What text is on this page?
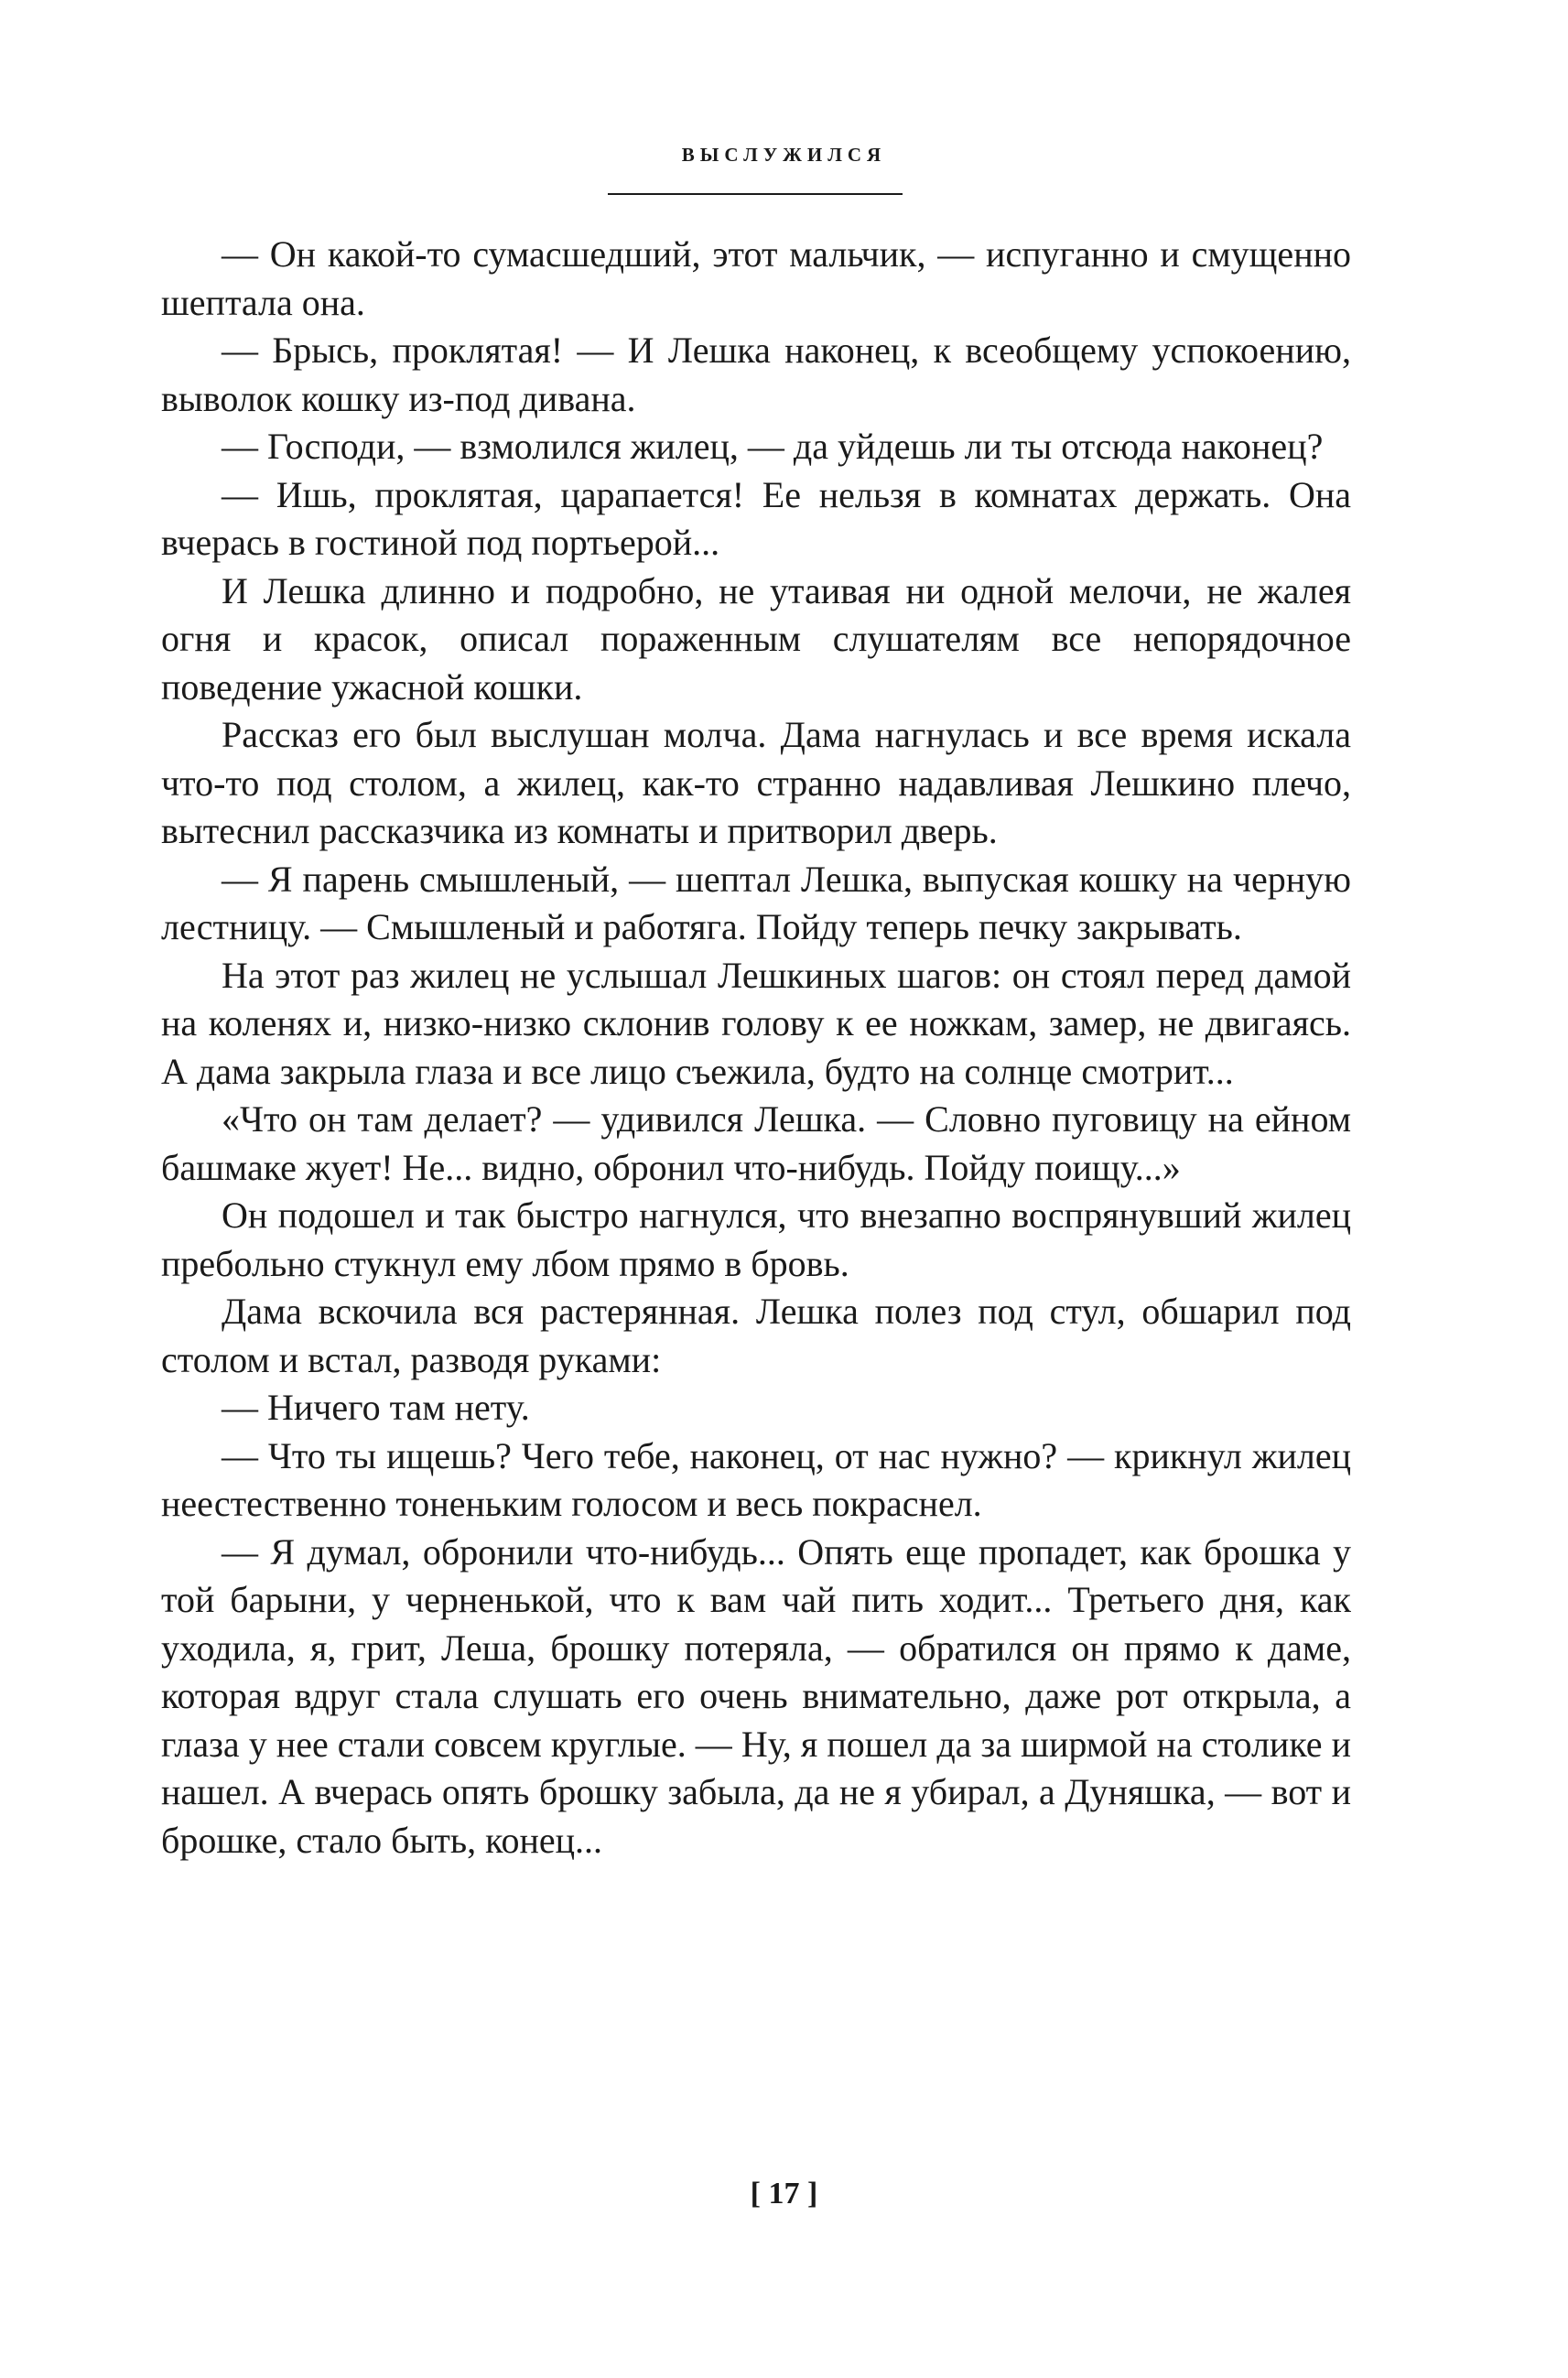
выслужился

— Он какой-то сумасшедший, этот мальчик, — испуганно и смущенно шептала она.

— Брысь, проклятая! — И Лешка наконец, к всеобщему успокоению, выволок кошку из-под дивана.

— Господи, — взмолился жилец, — да уйдешь ли ты отсюда наконец?

— Ишь, проклятая, царапается! Ее нельзя в комнатах держать. Она вчерась в гостиной под портьерой...

И Лешка длинно и подробно, не утаивая ни одной мелочи, не жалея огня и красок, описал пораженным слушателям все непорядочное поведение ужасной кошки.

Рассказ его был выслушан молча. Дама нагнулась и все время искала что-то под столом, а жилец, как-то странно надавливая Лешкино плечо, вытеснил рассказчика из комнаты и притворил дверь.

— Я парень смышленый, — шептал Лешка, выпуская кошку на черную лестницу. — Смышленый и работяга. Пойду теперь печку закрывать.

На этот раз жилец не услышал Лешкиных шагов: он стоял перед дамой на коленях и, низко-низко склонив голову к ее ножкам, замер, не двигаясь. А дама закрыла глаза и все лицо съежила, будто на солнце смотрит...

«Что он там делает? — удивился Лешка. — Словно пуговицу на ейном башмаке жует! Не... видно, обронил что-нибудь. Пойду поищу...»

Он подошел и так быстро нагнулся, что внезапно воспрянувший жилец пребольно стукнул ему лбом прямо в бровь.

Дама вскочила вся растерянная. Лешка полез под стул, обшарил под столом и встал, разводя руками:

— Ничего там нету.

— Что ты ищешь? Чего тебе, наконец, от нас нужно? — крикнул жилец неестественно тоненьким голосом и весь покраснел.

— Я думал, обронили что-нибудь... Опять еще пропадет, как брошка у той барыни, у черненькой, что к вам чай пить ходит... Третьего дня, как уходила, я, грит, Леша, брошку потеряла, — обратился он прямо к даме, которая вдруг стала слушать его очень внимательно, даже рот открыла, а глаза у нее стали совсем круглые. — Ну, я пошел да за ширмой на столике и нашел. А вчерась опять брошку забыла, да не я убирал, а Дуняшка, — вот и брошке, стало быть, конец...

[ 17 ]
